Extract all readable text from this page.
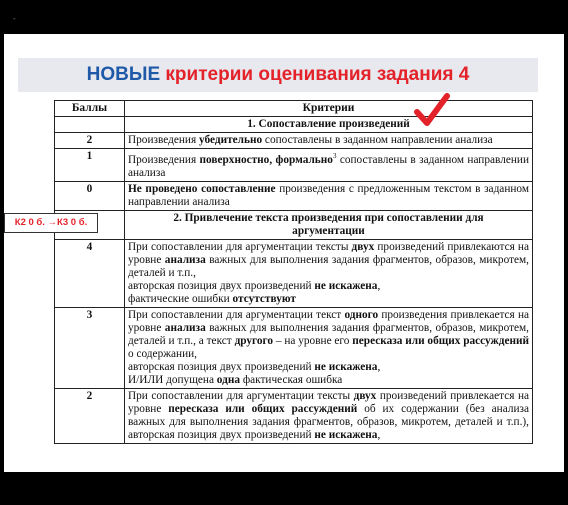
-
НОВЫЕ критерии оценивания задания 4
Баллы	Критерии
	1. Сопоставление произведений
2	Произведения убедительно сопоставлены в заданном направлении анализа
1	Произведения поверхностно, формально$^3$ сопоставлены в заданном направлении анализа
0	Не проведено сопоставление произведения с предложенным текстом в заданном направлении анализа
	2. Привлечение текста произведения при сопоставлении для аргументации
4	При сопоставлении для аргументации тексты двух произведений привлекаются на уровне анализа важных для выполнения задания фрагментов, образов, микротем, деталей и т.п.,
авторская позиция двух произведений не искажена,
фактические ошибки отсутствуют
3	При сопоставлении для аргументации текст одного произведения привлекается на уровне анализа важных для выполнения задания фрагментов, образов, микротем, деталей и т.п., а текст другого – на уровне его пересказа или общих рассуждений о содержании,
авторская позиция двух произведений не искажена,
И/ИЛИ допущена одна фактическая ошибка
2	При сопоставлении для аргументации тексты двух произведений привлекается на уровне пересказа или общих рассуждений об их содержании (без анализа важных для выполнения задания фрагментов, образов, микротем, деталей и т.п.), авторская позиция двух произведений не искажена,
К2 0 б. →К3 0 б.
